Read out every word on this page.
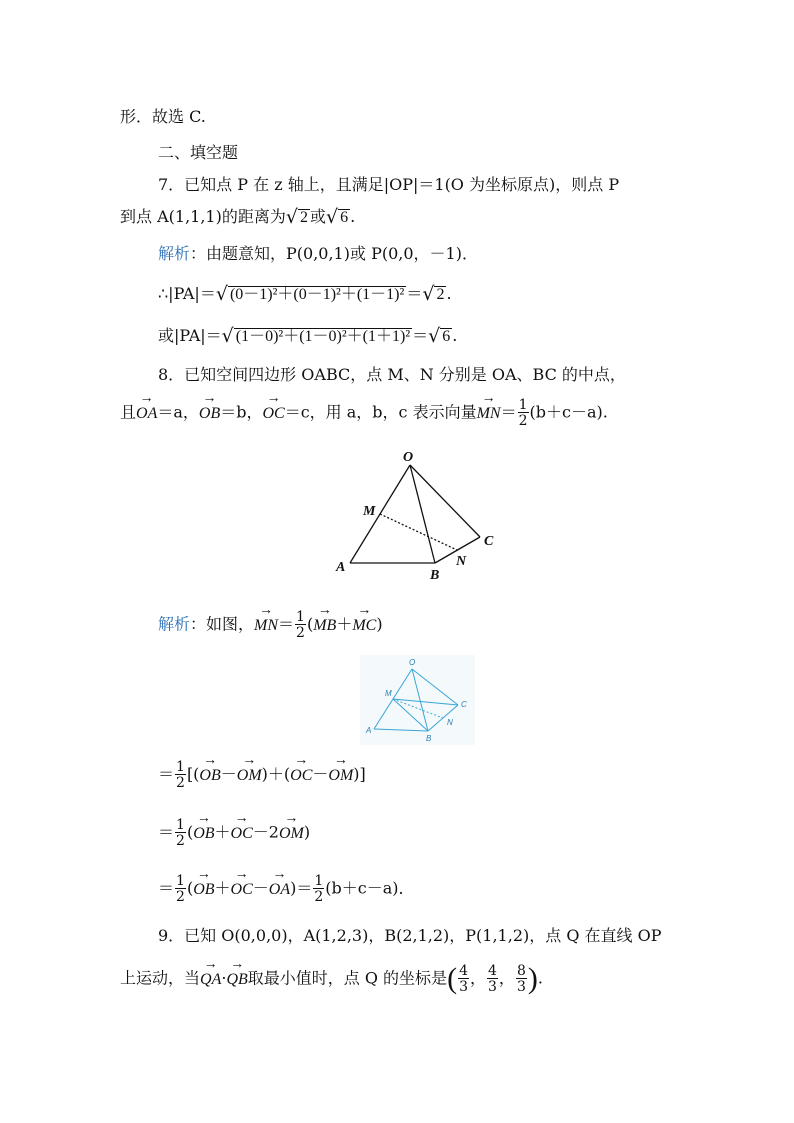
形．故选 C.
二、填空题
7．已知点 P 在 z 轴上，且满足|OP|＝1(O 为坐标原点)，则点 P
到点 A(1,1,1)的距离为√ 2 或√ 6 .
解析：由题意知，P(0,0,1)或 P(0,0，－1)．
∴|PA|＝√ (0－1)²＋(0－1)²＋(1－1)² ＝√ 2 .
或|PA|＝√ (1－0)²＋(1－0)²＋(1＋1)² ＝√ 6 .
8．已知空间四边形 OABC，点 M、N 分别是 OA、BC 的中点，
且→ OA＝a，→ OB＝b，→ OC＝c，用 a，b，c 表示向量→ $MN= \frac{1}{2} (b+c-a)$.
O
M
C
A
B
N
解析：如图，→ $MN= \frac{1}{2}$ (→ MB＋→ MC)
O
M
C
A
B
N
＝ $\frac{1}{2}$ [(→ OB－→ OM)＋(→ OC－→ OM)]
＝ $\frac{1}{2}$ (→ OB＋→ OC－2→ OM)
＝ $\frac{1}{2}$ (→ $OB+\to OC-\to OA)= \frac{1}{2} (b+c-a)$．
9．已知 O(0,0,0)，A(1,2,3)，B(2,1,2)，P(1,1,2)，点 Q 在直线 OP
上运动，当→ QA·→ QB取最小值时，点 Q 的坐标是( $\frac{4}{3}$ ， $\frac{4}{3}$ ， $\frac{8}{3}$ ).
